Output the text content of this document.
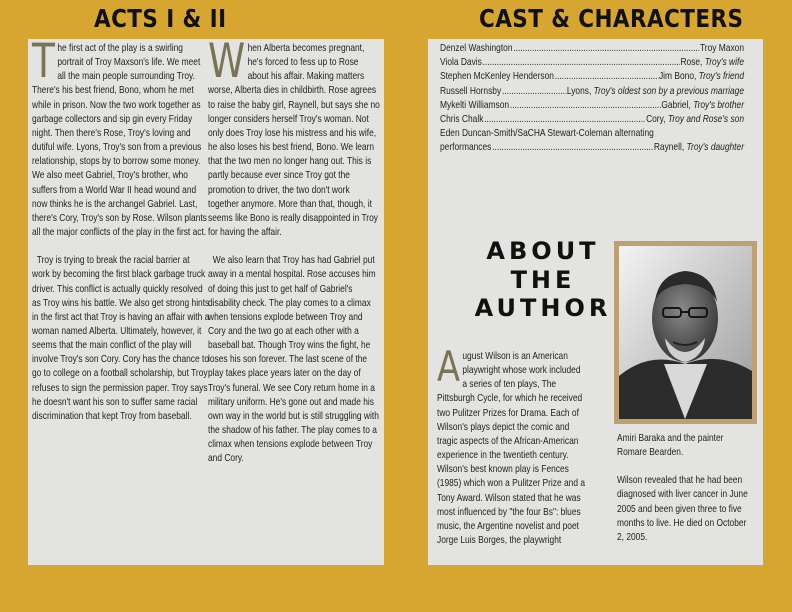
ACTS I & II	CAST & CHARACTERS

The first act of the play is a swirling portrait of Troy Maxson's life. We meet all the main people surrounding Troy. There's his best friend, Bono, whom he met while in prison. Now the two work together as garbage collectors and sip gin every Friday night. Then there's Rose, Troy's loving and dutiful wife. Lyons, Troy's son from a previous relationship, stops by to borrow some money. We also meet Gabriel, Troy's brother, who suffers from a World War II head wound and now thinks he is the archangel Gabriel. Last, there's Cory, Troy's son by Rose. Wilson plants all the major conflicts of the play in the first act.

Troy is trying to break the racial barrier at work by becoming the first black garbage truck driver. This conflict is actually quickly resolved as Troy wins his battle. We also get strong hints in the first act that Troy is having an affair with a woman named Alberta. Ultimately, however, it seems that the main conflict of the play will involve Troy's son Cory. Cory has the chance to go to college on a football scholarship, but Troy refuses to sign the permission paper. Troy says he doesn't want his son to suffer same racial discrimination that kept Troy from baseball.

When Alberta becomes pregnant, he's forced to fess up to Rose about his affair. Making matters worse, Alberta dies in childbirth. Rose agrees to raise the baby girl, Raynell, but says she no longer considers herself Troy's woman. Not only does Troy lose his mistress and his wife, he also loses his best friend, Bono. We learn that the two men no longer hang out. This is partly because ever since Troy got the promotion to driver, the two don't work together anymore. More than that, though, it seems like Bono is really disappointed in Troy for having the affair.

We also learn that Troy has had Gabriel put away in a mental hospital. Rose accuses him of doing this just to get half of Gabriel's disability check. The play comes to a climax when tensions explode between Troy and Cory and the two go at each other with a baseball bat. Though Troy wins the fight, he loses his son forever. The last scene of the play takes place years later on the day of Troy's funeral. We see Cory return home in a military uniform. He's gone out and made his own way in the world but is still struggling with the shadow of his father. The play comes to a climax when tensions explode between Troy and Cory.

Denzel Washington .....	Troy Maxon
Viola Davis .....	Rose, Troy's wife
Stephen McKenley Henderson .....	Jim Bono, Troy's friend
Russell Hornsby .....	Lyons, Troy's oldest son by a previous marriage
Mykelti Williamson .....	Gabriel, Troy's brother
Chris Chalk .....	Cory, Troy and Rose's son
Eden Duncan-Smith/SaCHA Stewart-Coleman alternating
performances .....	Raynell, Troy's daughter
ABOUT
THE
AUTHOR

August Wilson is an American playwright whose work included a series of ten plays, The Pittsburgh Cycle, for which he received two Pulitzer Prizes for Drama. Each of Wilson's plays depict the comic and tragic aspects of the African-American experience in the twentieth century. Wilson's best known play is Fences (1985) which won a Pulitzer Prize and a Tony Award. Wilson stated that he was most influenced by "the four Bs": blues music, the Argentine novelist and poet Jorge Luis Borges, the playwright

Amiri Baraka and the painter Romare Bearden.

Wilson revealed that he had been diagnosed with liver cancer in June 2005 and been given three to five months to live. He died on October 2, 2005.
